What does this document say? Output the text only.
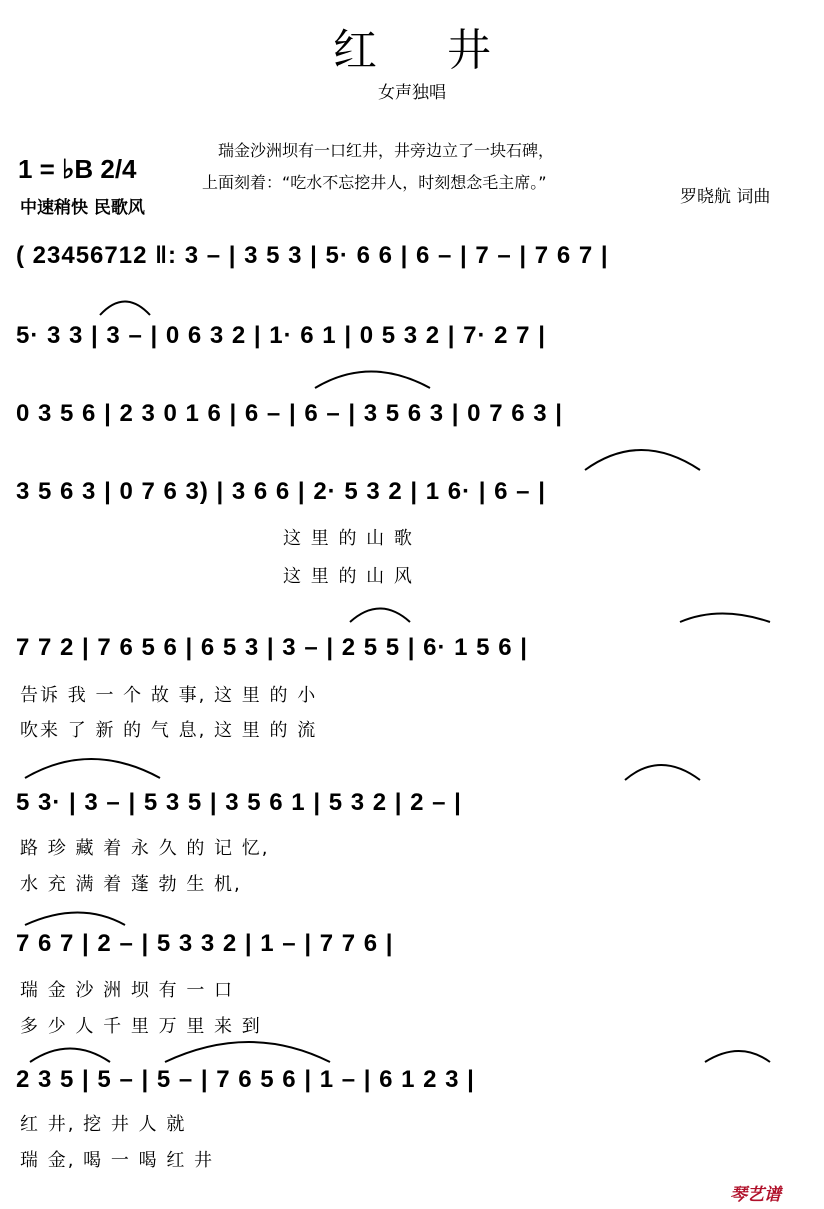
红井
女声独唱
瑞金沙洲坝有一口红井，井旁边立了一块石碑，
上面刻着：“吃水不忘挖井人，时刻想念毛主席。”
1 = ♭B 2/4
中速稍快 民歌风
罗晓航 词曲
( 23456712 ‖: 3 – | 3 5 3 | 5· 6 6 | 6 – | 7 – | 7 6 7 |
5· 3 3 | 3 – | 0 6 3 2 | 1· 6 1 | 0 5 3 2 | 7· 2 7 |
0 3 5 6 | 2 3 0 1 6 | 6 – | 6 – | 3 5 6 3 | 0 7 6 3 |
3 5 6 3 | 0 7 6 3) | 3 6 6 | 2· 5 3 2 | 1 6· | 6 – |
这 里 的 山 歌
这 里 的 山 风
7 7 2 | 7 6 5 6 | 6 5 3 | 3 – | 2 5 5 | 6· 1 5 6 |
告诉 我 一 个 故 事, 这 里 的 小
吹来 了 新 的 气 息, 这 里 的 流
5 3· | 3 – | 5 3 5 | 3 5 6 1 | 5 3 2 | 2 – |
路 珍 藏 着 永 久 的 记 忆,
水 充 满 着 蓬 勃 生 机,
7 6 7 | 2 – | 5 3 3 2 | 1 – | 7 7 6 |
瑞 金 沙 洲 坝 有 一 口
多 少 人 千 里 万 里 来 到
2 3 5 | 5 – | 5 – | 7 6 5 6 | 1 – | 6 1 2 3 |
红 井, 挖 井 人 就
瑞 金, 喝 一 喝 红 井
琴艺谱
